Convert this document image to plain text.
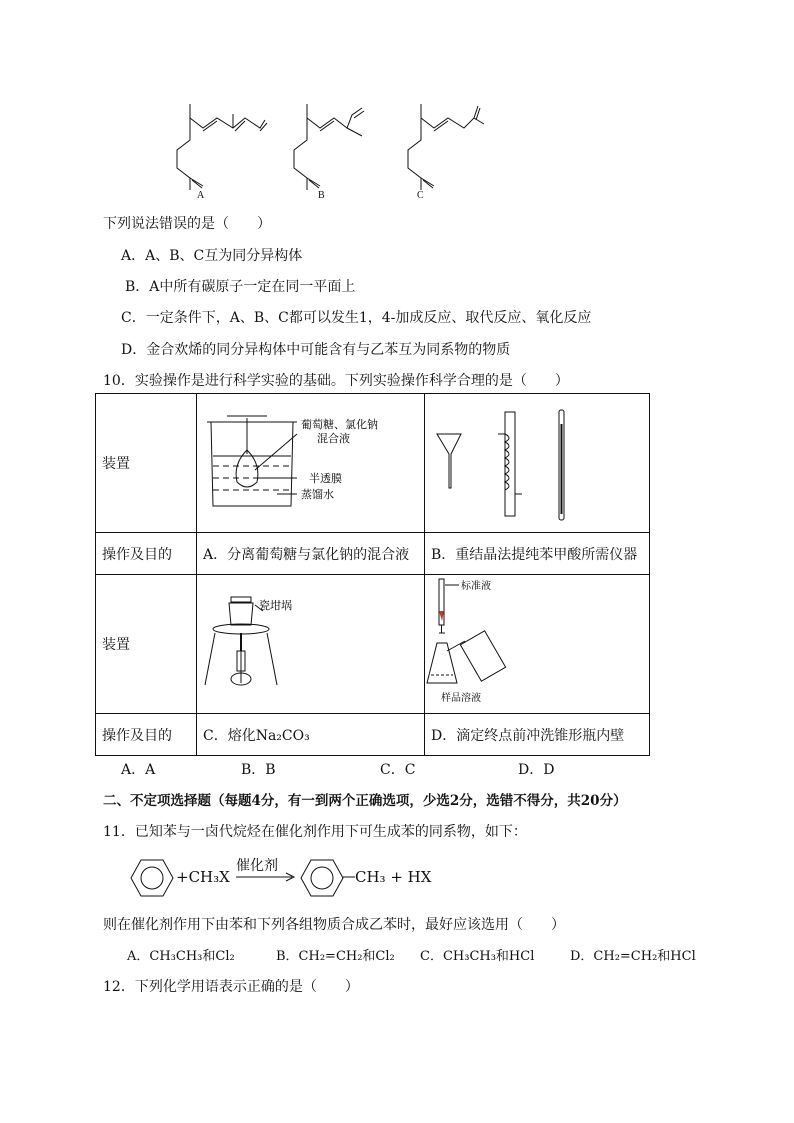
A	B	C
下列说法错误的是（　　）
A．A、B、C互为同分异构体
B．A中所有碳原子一定在同一平面上
C．一定条件下，A、B、C都可以发生1，4-加成反应、取代反应、氧化反应
D．金合欢烯的同分异构体中可能含有与乙苯互为同系物的物质
10．实验操作是进行科学实验的基础。下列实验操作科学合理的是（　　）
装置	葡萄糖、氯化钠
混合液
半透膜
蒸馏水

操作及目的	A．分离葡萄糖与氯化钠的混合液	B．重结晶法提纯苯甲酸所需仪器
装置	瓷坩埚	标准液
样品溶液

操作及目的	C．熔化Na₂CO₃	D．滴定终点前冲洗锥形瓶内壁
A．A	B．B	C．C	D．D
二、不定项选择题（每题4分，有一到两个正确选项，少选2分，选错不得分，共20分）
11．已知苯与一卤代烷烃在催化剂作用下可生成苯的同系物，如下：
+CH₃X
催化剂
CH₃ + HX
则在催化剂作用下由苯和下列各组物质合成乙苯时，最好应该选用（　　）
A．CH₃CH₃和Cl₂	B．CH₂=CH₂和Cl₂ C．CH₃CH₃和HCl	D．CH₂=CH₂和HCl
12．下列化学用语表示正确的是（　　）
